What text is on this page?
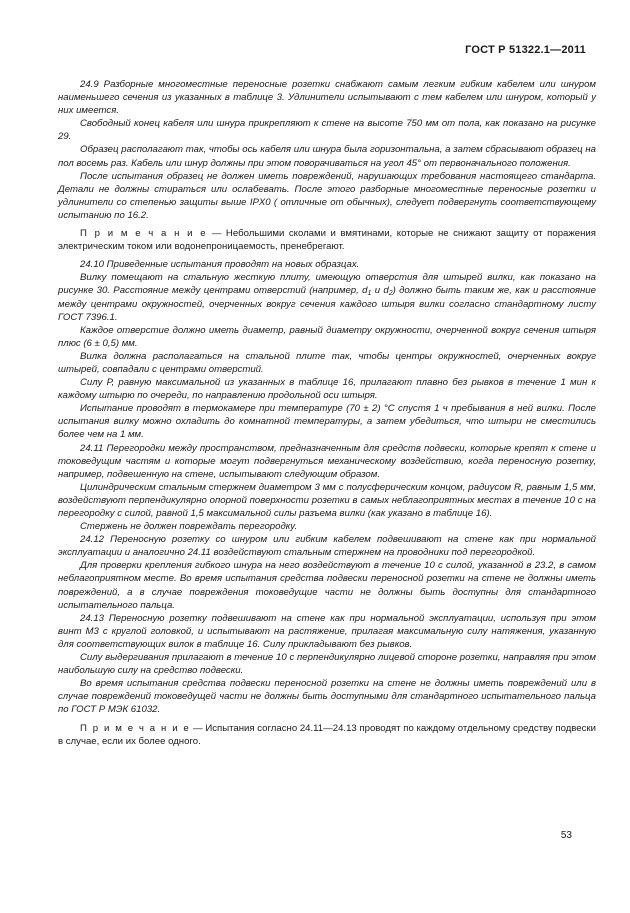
ГОСТ Р 51322.1—2011

24.9 Разборные многоместные переносные розетки снабжают самым легким гибким кабелем или шнуром наименьшего сечения из указанных в таблице 3. Удлинители испытывают с тем кабелем или шнуром, который у них имеется.

Свободный конец кабеля или шнура прикрепляют к стене на высоте 750 мм от пола, как показано на рисунке 29.

Образец располагают так, чтобы ось кабеля или шнура была горизонтальна, а затем сбрасывают образец на пол восемь раз. Кабель или шнур должны при этом поворачиваться на угол 45° от первоначального положения.

После испытания образец не должен иметь повреждений, нарушающих требования настоящего стандарта. Детали не должны стираться или ослабевать. После этого разборные многоместные переносные розетки и удлинители со степенью защиты выше IPX0 ( отличные от обычных), следует подвергнуть соответствующему испытанию по 16.2.

П р и м е ч а н и е — Небольшими сколами и вмятинами, которые не снижают защиту от поражения электрическим током или водонепроницаемость, пренебрегают.

24.10 Приведенные испытания проводят на новых образцах.

Вилку помещают на стальную жесткую плиту, имеющую отверстия для штырей вилки, как показано на рисунке 30. Расстояние между центрами отверстий (например, $d_1$ и $d_2$) должно быть таким же, как и расстояние между центрами окружностей, очерченных вокруг сечения каждого штыря вилки согласно стандартному листу ГОСТ 7396.1.

Каждое отверстие должно иметь диаметр, равный диаметру окружности, очерченной вокруг сечения штыря плюс (6 ± 0,5) мм.

Вилка должна располагаться на стальной плите так, чтобы центры окружностей, очерченных вокруг штырей, совпадали с центрами отверстий.

Силу Р, равную максимальной из указанных в таблице 16, прилагают плавно без рывков в течение 1 мин к каждому штырю по очереди, по направлению продольной оси штыря.

Испытание проводят в термокамере при температуре (70 ± 2) °С спустя 1 ч пребывания в ней вилки. После испытания вилку можно охладить до комнатной температуры, а затем убедиться, что штыри не сместились более чем на 1 мм.

24.11 Перегородки между пространством, предназначенным для средств подвески, которые крепят к стене и токоведущим частям и которые могут подвергнуться механическому воздействию, когда переносную розетку, например, подвешенную на стене, испытывают следующим образом.

Цилиндрическим стальным стержнем диаметром 3 мм с полусферическим концом, радиусом R, равным 1,5 мм, воздействуют перпендикулярно опорной поверхности розетки в самых неблагоприятных местах в течение 10 с на перегородку с силой, равной 1,5 максимальной силы разъема вилки (как указано в таблице 16).

Стержень не должен повреждать перегородку.

24.12 Переносную розетку со шнуром или гибким кабелем подвешивают на стене как при нормальной эксплуатации и аналогично 24.11 воздействуют стальным стержнем на проводники под перегородкой.

Для проверки крепления гибкого шнура на него воздействуют в течение 10 с силой, указанной в 23.2, в самом неблагоприятном месте. Во время испытания средства подвески переносной розетки на стене не должны иметь повреждений, а в случае повреждения токоведущие части не должны быть доступны для стандартного испытательного пальца.

24.13 Переносную розетку подвешивают на стене как при нормальной эксплуатации, используя при этом винт М3 с круглой головкой, и испытывают на растяжение, прилагая максимальную силу натяжения, указанную для соответствующих вилок в таблице 16. Силу прикладывают без рывков.

Силу выдергивания прилагают в течение 10 с перпендикулярно лицевой стороне розетки, направляя при этом наибольшую силу на средство подвески.

Во время испытания средства подвески переносной розетки на стене не должны иметь повреждений или в случае повреждений токоведущей части не должны быть доступными для стандартного испытательного пальца по ГОСТ Р МЭК 61032.

П р и м е ч а н и е — Испытания согласно 24.11—24.13 проводят по каждому отдельному средству подвески в случае, если их более одного.

53
